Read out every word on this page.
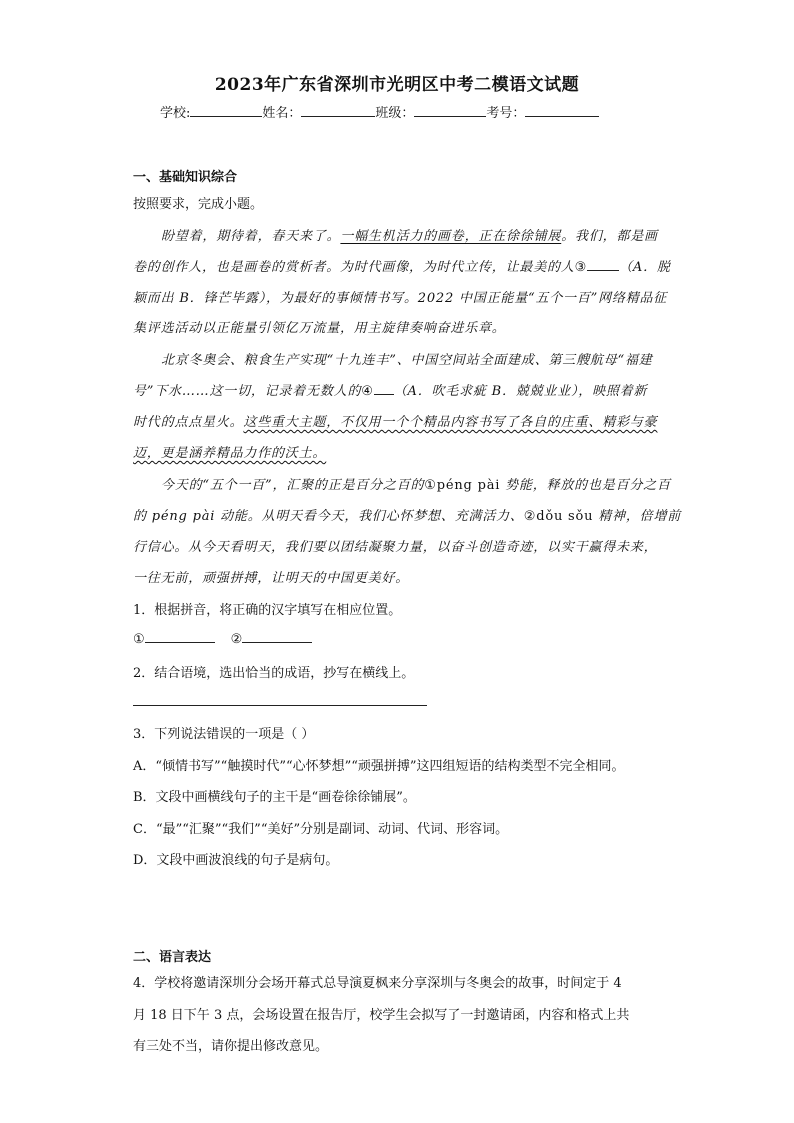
2023年广东省深圳市光明区中考二模语文试题
学校:	姓名：	班级：	考号：
一、基础知识综合
按照要求，完成小题。
盼望着，期待着，春天来了。一幅生机活力的画卷，正在徐徐铺展。我们，都是画
卷的创作人，也是画卷的赏析者。为时代画像，为时代立传，让最美的人③ （A．脱
颖而出 B．锋芒毕露），为最好的事倾情书写。2022 中国正能量“五个一百”网络精品征
集评选活动以正能量引领亿万流量，用主旋律奏响奋进乐章。
北京冬奥会、粮食生产实现“十九连丰”、中国空间站全面建成、第三艘航母“福建
号”下水……这一切，记录着无数人的④ （A．吹毛求疵 B．兢兢业业），映照着新
时代的点点星火。这些重大主题，不仅用一个个精品内容书写了各自的庄重、精彩与豪
迈，更是涵养精品力作的沃土。
今天的“五个一百”，汇聚的正是百分之百的①péng pài 势能，释放的也是百分之百
的 péng pài 动能。从明天看今天，我们心怀梦想、充满活力、②dǒu sǒu 精神，倍增前
行信心。从今天看明天，我们要以团结凝聚力量，以奋斗创造奇迹，以实干赢得未来，
一往无前，顽强拼搏，让明天的中国更美好。
1．根据拼音，将正确的汉字填写在相应位置。
①	②
2．结合语境，选出恰当的成语，抄写在横线上。
3．下列说法错误的一项是（ ）
A．“倾情书写”“触摸时代”“心怀梦想”“顽强拼搏”这四组短语的结构类型不完全相同。
B．文段中画横线句子的主干是“画卷徐徐铺展”。
C．“最”“汇聚”“我们”“美好”分别是副词、动词、代词、形容词。
D．文段中画波浪线的句子是病句。
二、语言表达
4．学校将邀请深圳分会场开幕式总导演夏枫来分享深圳与冬奥会的故事，时间定于 4
月 18 日下午 3 点，会场设置在报告厅，校学生会拟写了一封邀请函，内容和格式上共
有三处不当，请你提出修改意见。
